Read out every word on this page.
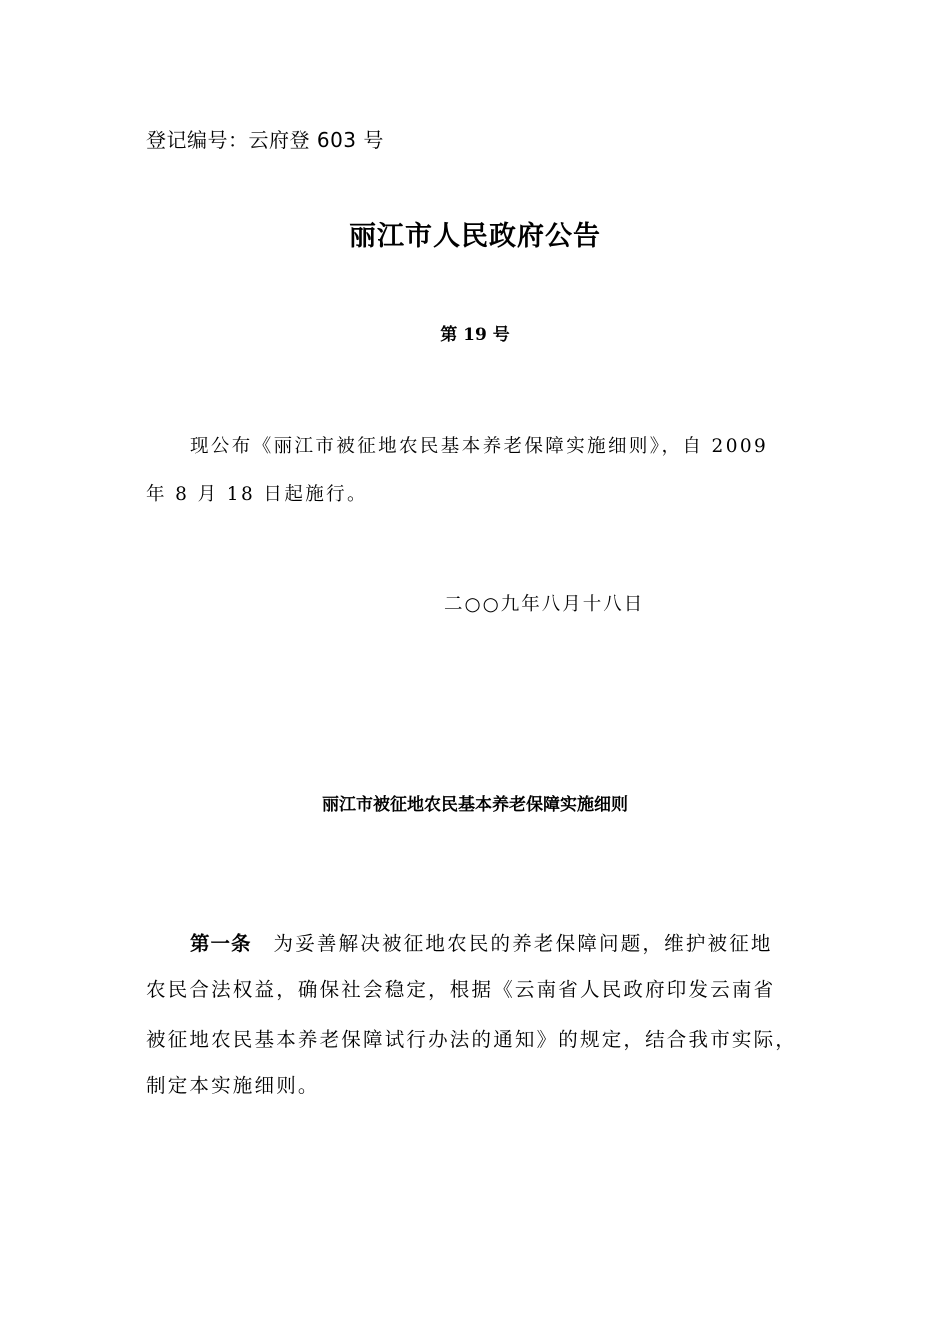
登记编号：云府登 603 号
丽江市人民政府公告
第 19 号
现公布《丽江市被征地农民基本养老保障实施细则》，自 2009
年 8 月 18 日起施行。
二○○九年八月十八日
丽江市被征地农民基本养老保障实施细则
第一条 为妥善解决被征地农民的养老保障问题，维护被征地
农民合法权益，确保社会稳定，根据《云南省人民政府印发云南省
被征地农民基本养老保障试行办法的通知》的规定，结合我市实际，
制定本实施细则。
